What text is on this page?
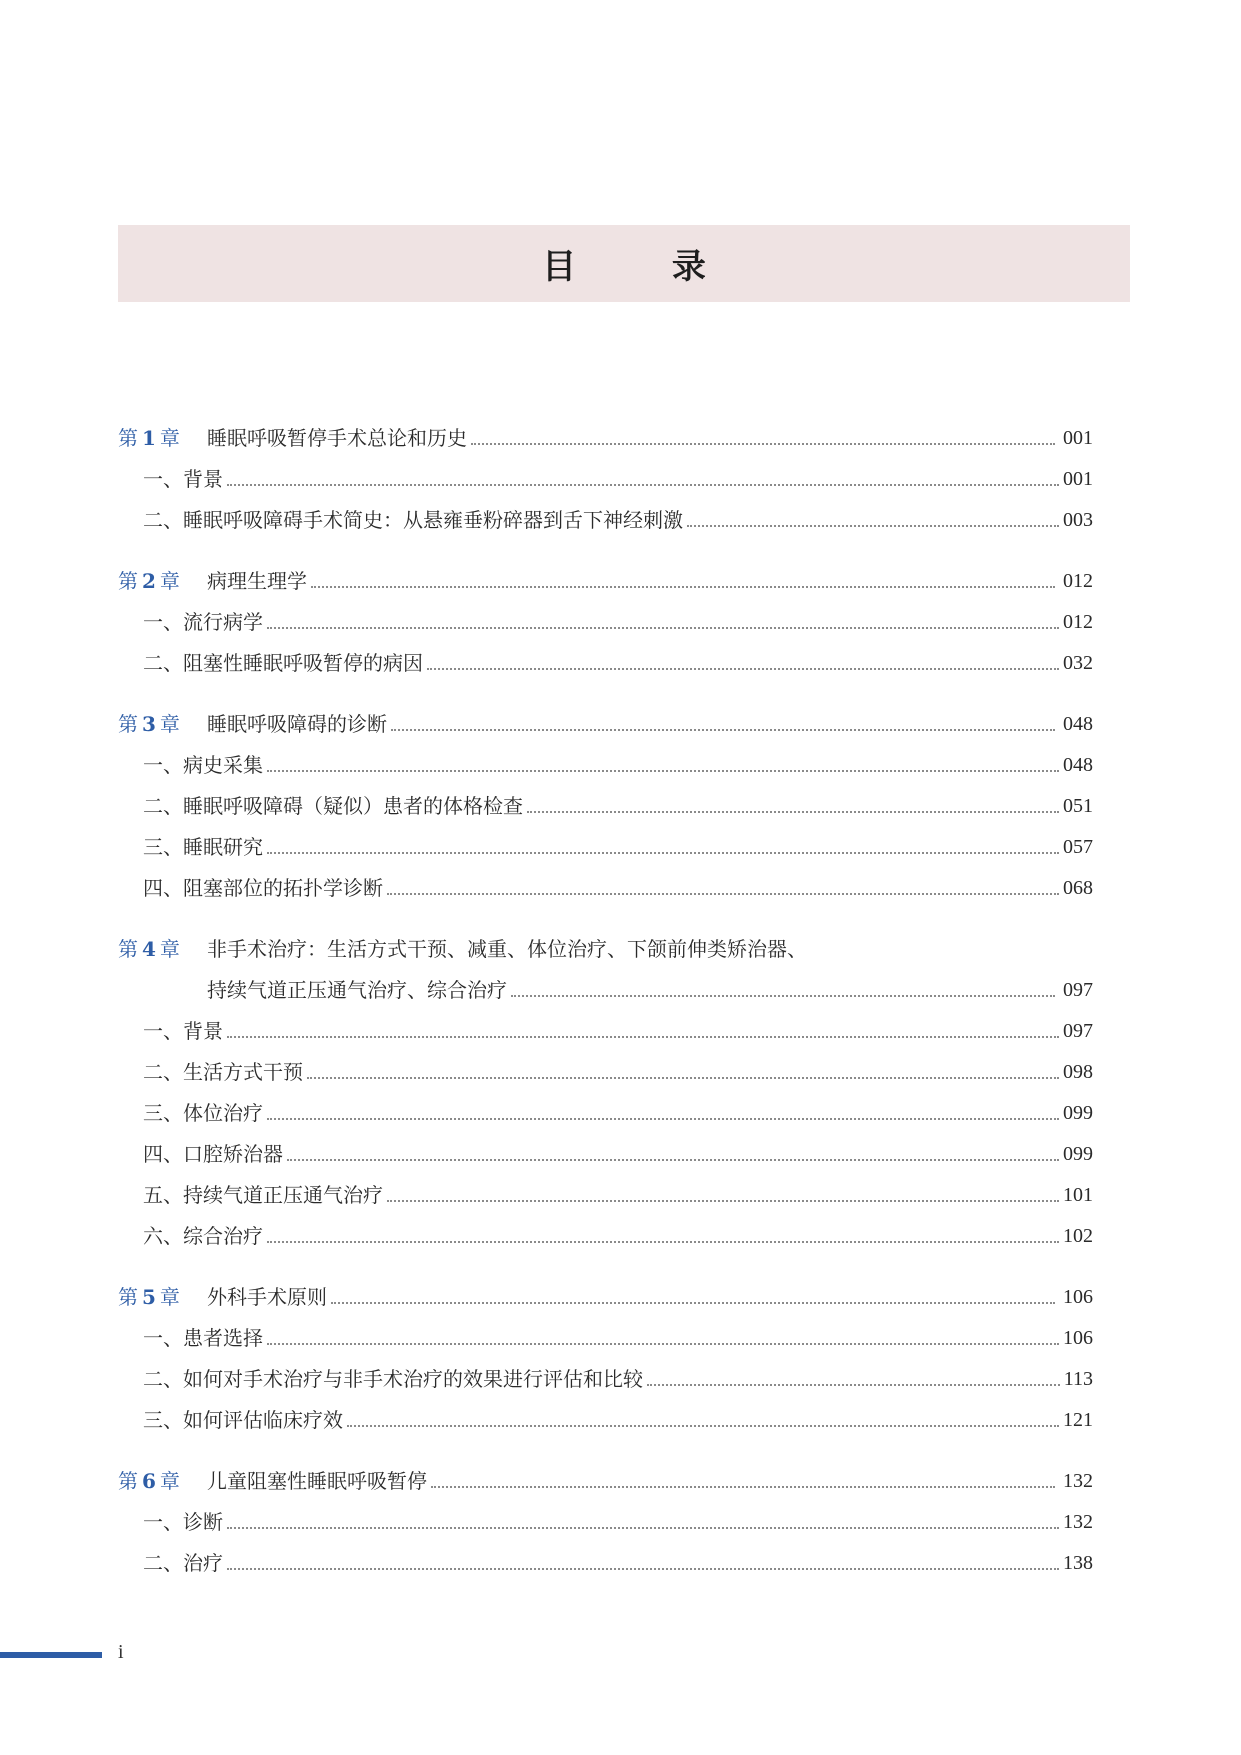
目 录
第 1 章	睡眠呼吸暂停手术总论和历史	001
一、背景	001
二、睡眠呼吸障碍手术简史：从悬雍垂粉碎器到舌下神经刺激	003
第 2 章	病理生理学	012
一、流行病学	012
二、阻塞性睡眠呼吸暂停的病因	032
第 3 章	睡眠呼吸障碍的诊断	048
一、病史采集	048
二、睡眠呼吸障碍（疑似）患者的体格检查	051
三、睡眠研究	057
四、阻塞部位的拓扑学诊断	068
第 4 章	非手术治疗：生活方式干预、减重、体位治疗、下颌前伸类矫治器、
持续气道正压通气治疗、综合治疗	097
一、背景	097
二、生活方式干预	098
三、体位治疗	099
四、口腔矫治器	099
五、持续气道正压通气治疗	101
六、综合治疗	102
第 5 章	外科手术原则	106
一、患者选择	106
二、如何对手术治疗与非手术治疗的效果进行评估和比较	113
三、如何评估临床疗效	121
第 6 章	儿童阻塞性睡眠呼吸暂停	132
一、诊断	132
二、治疗	138
i
